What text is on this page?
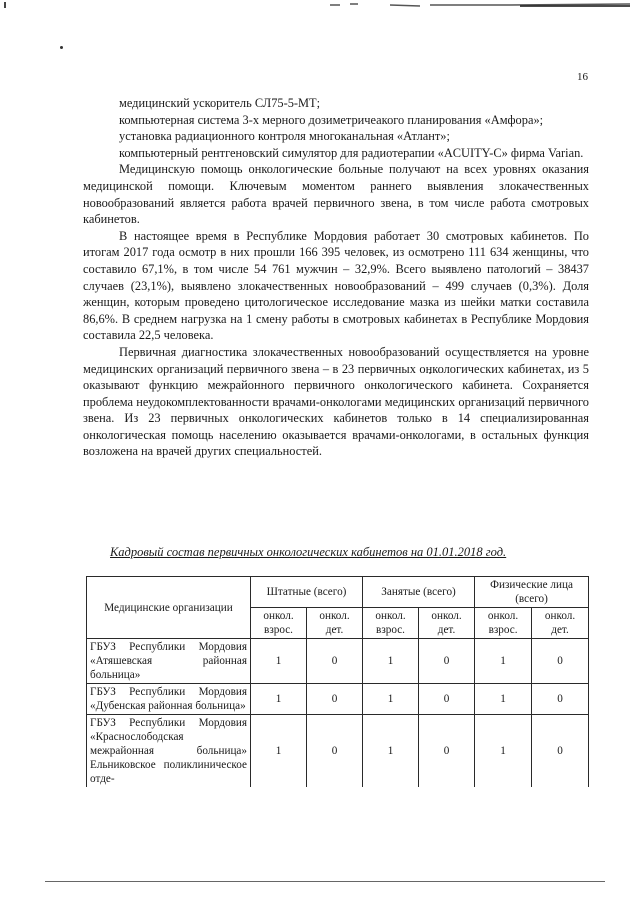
16

медицинский ускоритель СЛ75-5-МТ;

компьютерная система 3-х мерного дозиметричеакого планирования «Амфора»;

установка радиационного контроля многоканальная «Атлант»;

компьютерный рентгеновский симулятор для радиотерапии «ACUITY-С» фирма Varian.

Медицинскую помощь онкологические больные получают на всех уровнях оказания медицинской помощи. Ключевым моментом раннего выявления злокачественных новообразований является работа врачей первичного звена, в том числе работа смотровых кабинетов.

В настоящее время в Республике Мордовия работает 30 смотровых кабинетов. По итогам 2017 года осмотр в них прошли 166 395 человек, из осмотрено 111 634 женщины, что составило 67,1%, в том числе 54 761 мужчин – 32,9%. Всего выявлено патологий – 38437 случаев (23,1%), выявлено злокачественных новообразований – 499 случаев (0,3%). Доля женщин, которым проведено цитологическое исследование мазка из шейки матки составила 86,6%. В среднем нагрузка на 1 смену работы в смотровых кабинетах в Республике Мордовия составила 22,5 человека.

Первичная диагностика злокачественных новообразований осуществляется на уровне медицинских организаций первичного звена – в 23 первичных онкологических кабинетах, из 5 оказывают функцию межрайонного первичного онкологического кабинета. Сохраняется проблема неудокомплектованности врачами-онкологами медицинских организаций первичного звена. Из 23 первичных онкологических кабинетов только в 14 специализированная онкологическая помощь населению оказывается врачами-онкологами, в остальных функция возложена на врачей других специальностей.

Кадровый состав первичных онкологических кабинетов на 01.01.2018 год.
Медицинские организации	Штатные (всего)		Занятые (всего)		Физические лица (всего)	
	онкол. взрос.	онкол. дет.	онкол. взрос.	онкол. дет.	онкол. взрос.	онкол. дет.
ГБУЗ Республики Мордовия «Атяшевская районная больница»	1	0	1	0	1	0
ГБУЗ Республики Мордовия «Дубенская районная больница»	1	0	1	0	1	0
ГБУЗ Республики Мордовия «Краснослободская межрайонная больница» Ельниковское поликлиническое отде-	1	0	1	0	1	0
